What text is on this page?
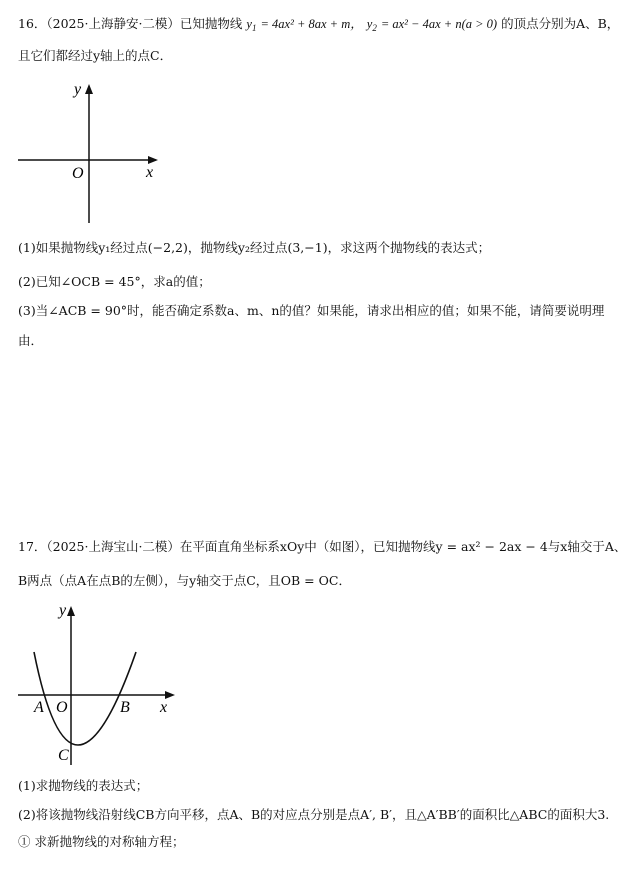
16．（2025·上海静安·二模）已知抛物线 $y_1 = 4ax^2 + 8ax + m$， $y_2 = ax^2 - 4ax + n(a > 0)$ 的顶点分别为A、B，
且它们都经过y轴上的点C．
y
x
O
(1)如果抛物线y₁经过点(−2,2)，抛物线y₂经过点(3,−1)，求这两个抛物线的表达式；
(2)已知∠OCB = 45°，求a的值；
(3)当∠ACB = 90°时，能否确定系数a、m、n的值？如果能，请求出相应的值；如果不能，请简要说明理
由．
17．（2025·上海宝山·二模）在平面直角坐标系xOy中（如图），已知抛物线y = ax² − 2ax − 4与x轴交于A、
B两点（点A在点B的左侧），与y轴交于点C，且OB = OC．
y
x
O
A	B
C
(1)求抛物线的表达式；
(2)将该抛物线沿射线CB方向平移，点A、B的对应点分别是点A′, B′，且△A′BB′的面积比△ABC的面积大3.
① 求新抛物线的对称轴方程；
